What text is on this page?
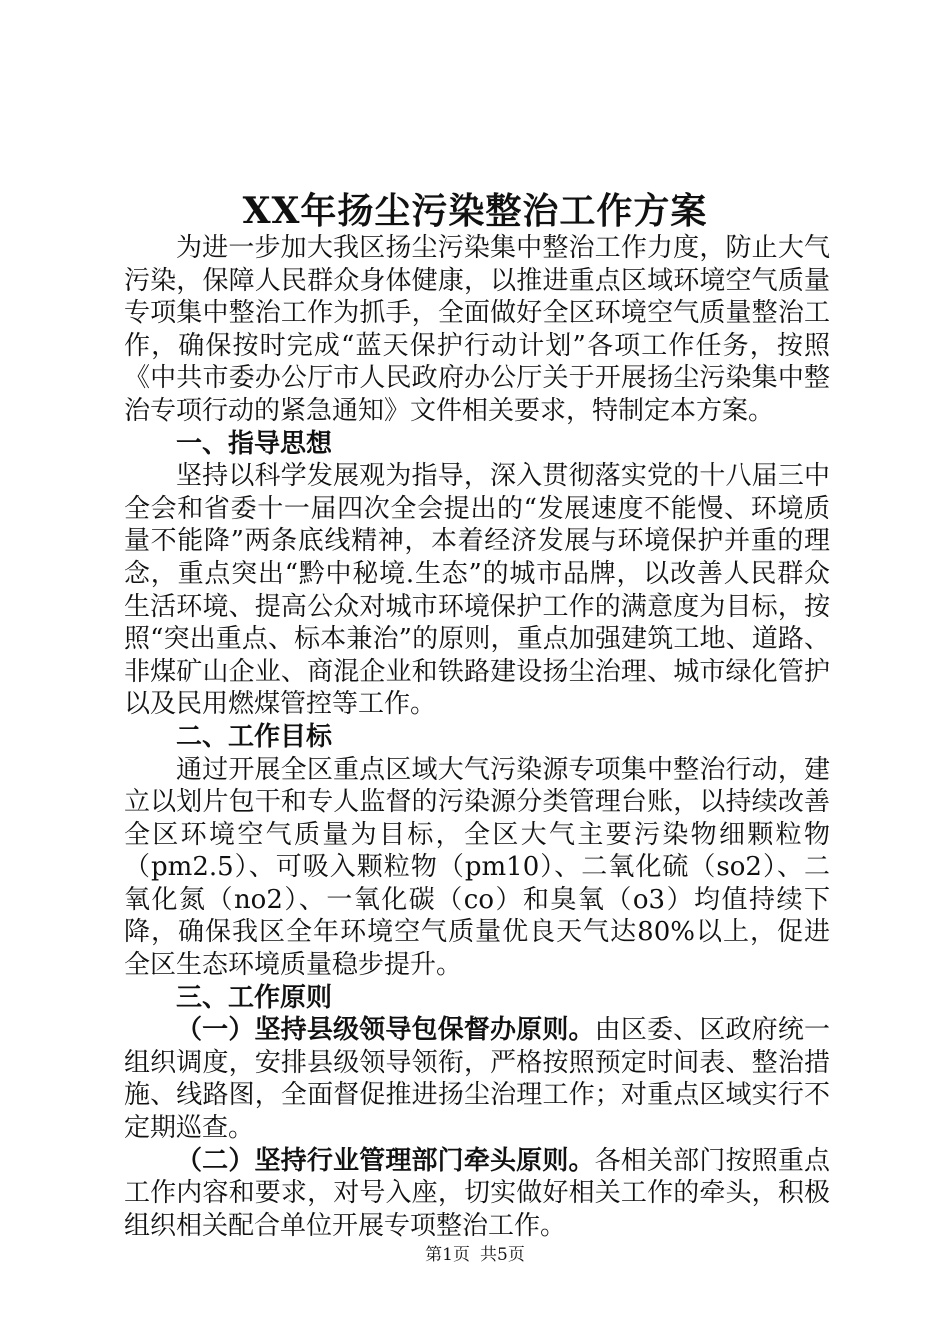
XX年扬尘污染整治工作方案

为进一步加大我区扬尘污染集中整治工作力度，防止大气污染，保障人民群众身体健康，以推进重点区域环境空气质量专项集中整治工作为抓手，全面做好全区环境空气质量整治工作，确保按时完成“蓝天保护行动计划”各项工作任务，按照《中共市委办公厅市人民政府办公厅关于开展扬尘污染集中整治专项行动的紧急通知》文件相关要求，特制定本方案。

一、指导思想

坚持以科学发展观为指导，深入贯彻落实党的十八届三中全会和省委十一届四次全会提出的“发展速度不能慢、环境质量不能降”两条底线精神，本着经济发展与环境保护并重的理念，重点突出“黔中秘境.生态”的城市品牌，以改善人民群众生活环境、提高公众对城市环境保护工作的满意度为目标，按照“突出重点、标本兼治”的原则，重点加强建筑工地、道路、非煤矿山企业、商混企业和铁路建设扬尘治理、城市绿化管护以及民用燃煤管控等工作。

二、工作目标

通过开展全区重点区域大气污染源专项集中整治行动，建立以划片包干和专人监督的污染源分类管理台账，以持续改善全区环境空气质量为目标，全区大气主要污染物细颗粒物（pm2.5）、可吸入颗粒物（pm10）、二氧化硫（so2）、二氧化氮（no2）、一氧化碳（co）和臭氧（o3）均值持续下降，确保我区全年环境空气质量优良天气达80%以上，促进全区生态环境质量稳步提升。

三、工作原则

（一）坚持县级领导包保督办原则。由区委、区政府统一组织调度，安排县级领导领衔，严格按照预定时间表、整治措施、线路图，全面督促推进扬尘治理工作；对重点区域实行不定期巡查。

（二）坚持行业管理部门牵头原则。各相关部门按照重点工作内容和要求，对号入座，切实做好相关工作的牵头，积极组织相关配合单位开展专项整治工作。

第1页 共5页
